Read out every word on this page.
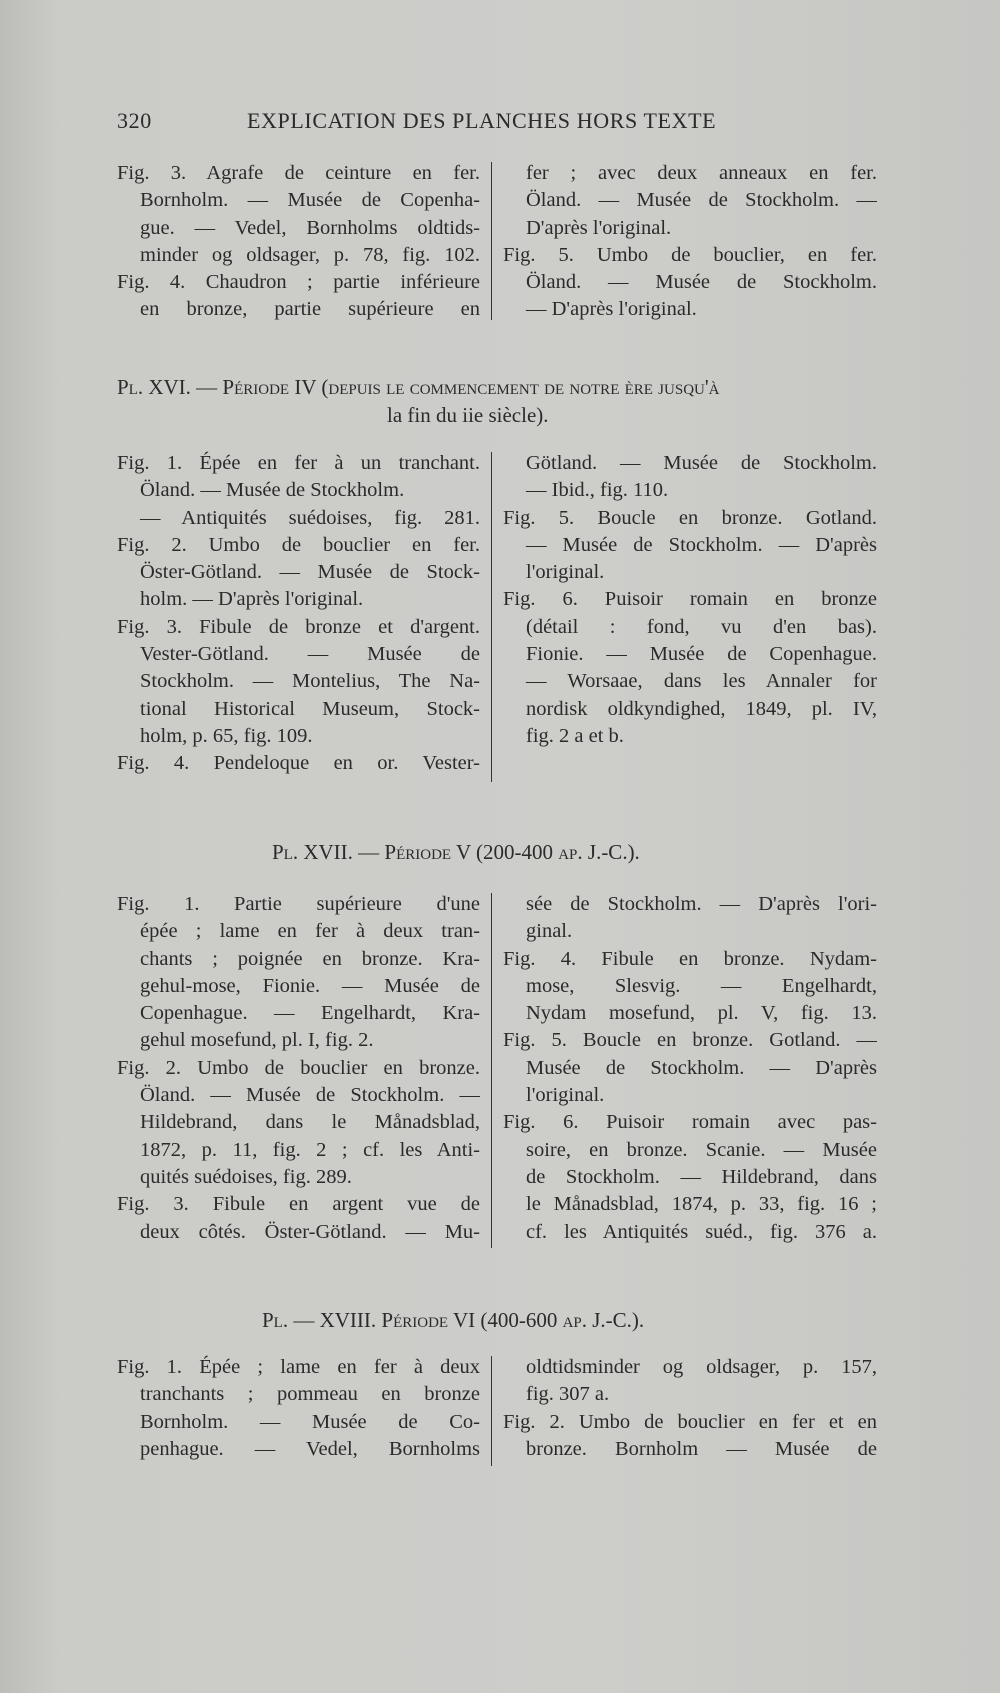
320	EXPLICATION DES PLANCHES HORS TEXTE
Fig. 3. Agrafe de ceinture en fer.
Bornholm. — Musée de Copenha-
gue. — Vedel, Bornholms oldtids-
minder og oldsager, p. 78, fig. 102.
Fig. 4. Chaudron ; partie inférieure
en bronze, partie supérieure en
fer ; avec deux anneaux en fer.
Öland. — Musée de Stockholm. —
D'après l'original.
Fig. 5. Umbo de bouclier, en fer.
Öland. — Musée de Stockholm.
— D'après l'original.
Pl. XVI. — Période IV (depuis le commencement de notre ère jusqu'à
la fin du iie siècle).
Fig. 1. Épée en fer à un tranchant.
Öland. — Musée de Stockholm.
— Antiquités suédoises, fig. 281.
Fig. 2. Umbo de bouclier en fer.
Öster-Götland. — Musée de Stock-
holm. — D'après l'original.
Fig. 3. Fibule de bronze et d'argent.
Vester-Götland. — Musée de
Stockholm. — Montelius, The Na-
tional Historical Museum, Stock-
holm, p. 65, fig. 109.
Fig. 4. Pendeloque en or. Vester-
Götland. — Musée de Stockholm.
— Ibid., fig. 110.
Fig. 5. Boucle en bronze. Gotland.
— Musée de Stockholm. — D'après
l'original.
Fig. 6. Puisoir romain en bronze
(détail : fond, vu d'en bas).
Fionie. — Musée de Copenhague.
— Worsaae, dans les Annaler for
nordisk oldkyndighed, 1849, pl. IV,
fig. 2 a et b.
Pl. XVII. — Période V (200-400 ap. J.-C.).
Fig. 1. Partie supérieure d'une
épée ; lame en fer à deux tran-
chants ; poignée en bronze. Kra-
gehul-mose, Fionie. — Musée de
Copenhague. — Engelhardt, Kra-
gehul mosefund, pl. I, fig. 2.
Fig. 2. Umbo de bouclier en bronze.
Öland. — Musée de Stockholm. —
Hildebrand, dans le Månadsblad,
1872, p. 11, fig. 2 ; cf. les Anti-
quités suédoises, fig. 289.
Fig. 3. Fibule en argent vue de
deux côtés. Öster-Götland. — Mu-
sée de Stockholm. — D'après l'ori-
ginal.
Fig. 4. Fibule en bronze. Nydam-
mose, Slesvig. — Engelhardt,
Nydam mosefund, pl. V, fig. 13.
Fig. 5. Boucle en bronze. Gotland. —
Musée de Stockholm. — D'après
l'original.
Fig. 6. Puisoir romain avec pas-
soire, en bronze. Scanie. — Musée
de Stockholm. — Hildebrand, dans
le Månadsblad, 1874, p. 33, fig. 16 ;
cf. les Antiquités suéd., fig. 376 a.
Pl. — XVIII. Période VI (400-600 ap. J.-C.).
Fig. 1. Épée ; lame en fer à deux
tranchants ; pommeau en bronze
Bornholm. — Musée de Co-
penhague. — Vedel, Bornholms
oldtidsminder og oldsager, p. 157,
fig. 307 a.
Fig. 2. Umbo de bouclier en fer et en
bronze. Bornholm — Musée de
